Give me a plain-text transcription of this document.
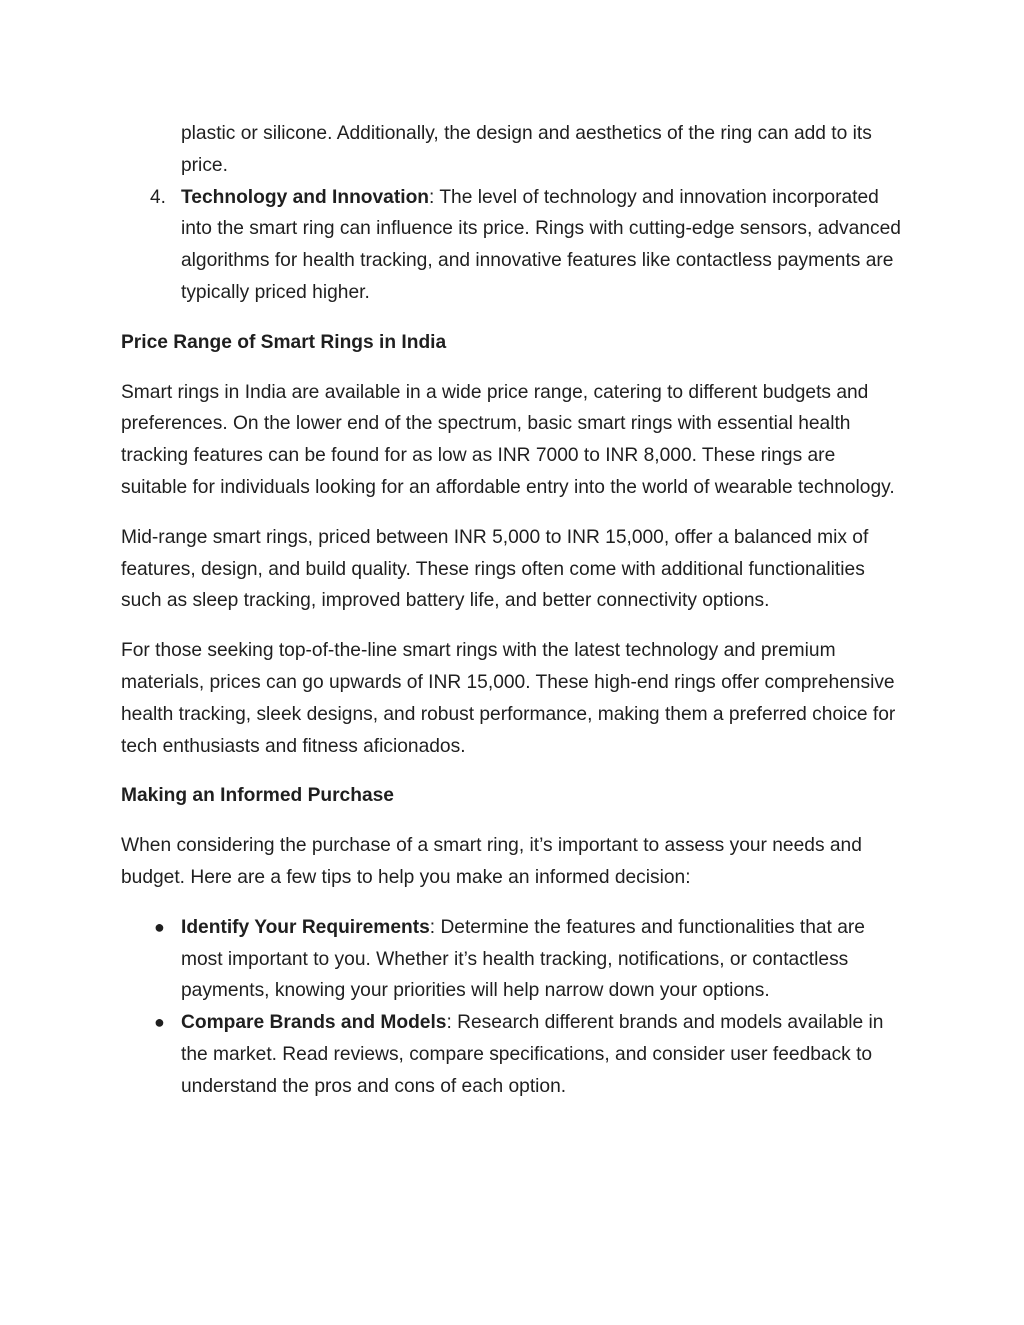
plastic or silicone. Additionally, the design and aesthetics of the ring can add to its price.

4. Technology and Innovation: The level of technology and innovation incorporated into the smart ring can influence its price. Rings with cutting-edge sensors, advanced algorithms for health tracking, and innovative features like contactless payments are typically priced higher.

Price Range of Smart Rings in India

Smart rings in India are available in a wide price range, catering to different budgets and preferences. On the lower end of the spectrum, basic smart rings with essential health tracking features can be found for as low as INR 7000 to INR 8,000. These rings are suitable for individuals looking for an affordable entry into the world of wearable technology.

Mid-range smart rings, priced between INR 5,000 to INR 15,000, offer a balanced mix of features, design, and build quality. These rings often come with additional functionalities such as sleep tracking, improved battery life, and better connectivity options.

For those seeking top-of-the-line smart rings with the latest technology and premium materials, prices can go upwards of INR 15,000. These high-end rings offer comprehensive health tracking, sleek designs, and robust performance, making them a preferred choice for tech enthusiasts and fitness aficionados.

Making an Informed Purchase

When considering the purchase of a smart ring, it’s important to assess your needs and budget. Here are a few tips to help you make an informed decision:

● Identify Your Requirements: Determine the features and functionalities that are most important to you. Whether it’s health tracking, notifications, or contactless payments, knowing your priorities will help narrow down your options.
● Compare Brands and Models: Research different brands and models available in the market. Read reviews, compare specifications, and consider user feedback to understand the pros and cons of each option.
